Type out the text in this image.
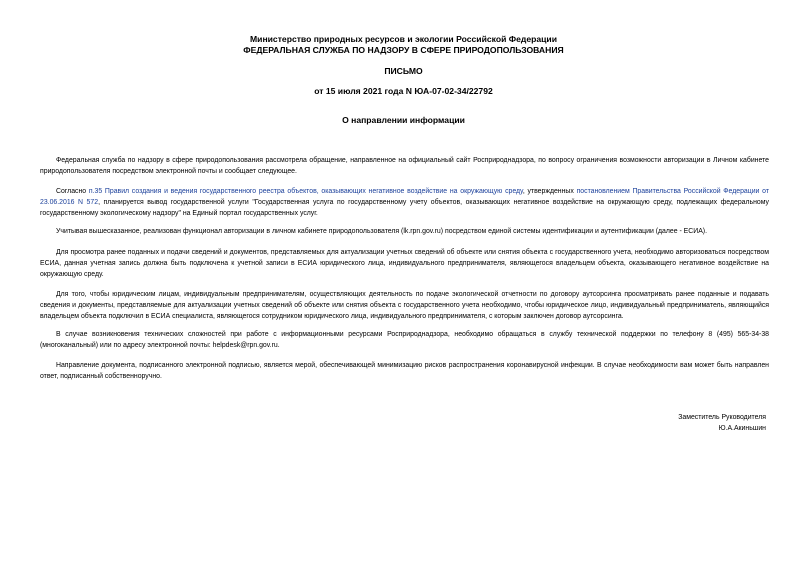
Министерство природных ресурсов и экологии Российской Федерации
ФЕДЕРАЛЬНАЯ СЛУЖБА ПО НАДЗОРУ В СФЕРЕ ПРИРОДОПОЛЬЗОВАНИЯ
ПИСЬМО
от 15 июля 2021 года N ЮА-07-02-34/22792
О направлении информации

Федеральная служба по надзору в сфере природопользования рассмотрела обращение, направленное на официальный сайт Росприроднадзора, по вопросу ограничения возможности авторизации в Личном кабинете природопользователя посредством электронной почты и сообщает следующее.

Согласно п.35 Правил создания и ведения государственного реестра объектов, оказывающих негативное воздействие на окружающую среду, утвержденных постановлением Правительства Российской Федерации от 23.06.2016 N 572, планируется вывод государственной услуги "Государственная услуга по государственному учету объектов, оказывающих негативное воздействие на окружающую среду, подлежащих федеральному государственному экологическому надзору" на Единый портал государственных услуг.

Учитывая вышесказанное, реализован функционал авторизации в личном кабинете природопользователя (lk.rpn.gov.ru) посредством единой системы идентификации и аутентификации (далее - ЕСИА).

Для просмотра ранее поданных и подачи сведений и документов, представляемых для актуализации учетных сведений об объекте или снятия объекта с государственного учета, необходимо авторизоваться посредством ЕСИА, данная учетная запись должна быть подключена к учетной записи в ЕСИА юридического лица, индивидуального предпринимателя, являющегося владельцем объекта, оказывающего негативное воздействие на окружающую среду.

Для того, чтобы юридическим лицам, индивидуальным предпринимателям, осуществляющих деятельность по подаче экологической отчетности по договору аутсорсинга просматривать ранее поданные и подавать сведения и документы, представляемые для актуализации учетных сведений об объекте или снятия объекта с государственного учета необходимо, чтобы юридическое лицо, индивидуальный предприниматель, являющийся владельцем объекта подключил в ЕСИА специалиста, являющегося сотрудником юридического лица, индивидуального предпринимателя, с которым заключен договор аутсорсинга.

В случае возникновения технических сложностей при работе с информационными ресурсами Росприроднадзора, необходимо обращаться в службу технической поддержки по телефону 8 (495) 565-34-38 (многоканальный) или по адресу электронной почты: helpdesk@rpn.gov.ru.

Направление документа, подписанного электронной подписью, является мерой, обеспечивающей минимизацию рисков распространения коронавирусной инфекции. В случае необходимости вам может быть направлен ответ, подписанный собственноручно.

Заместитель Руководителя
Ю.А.Акиньшин
